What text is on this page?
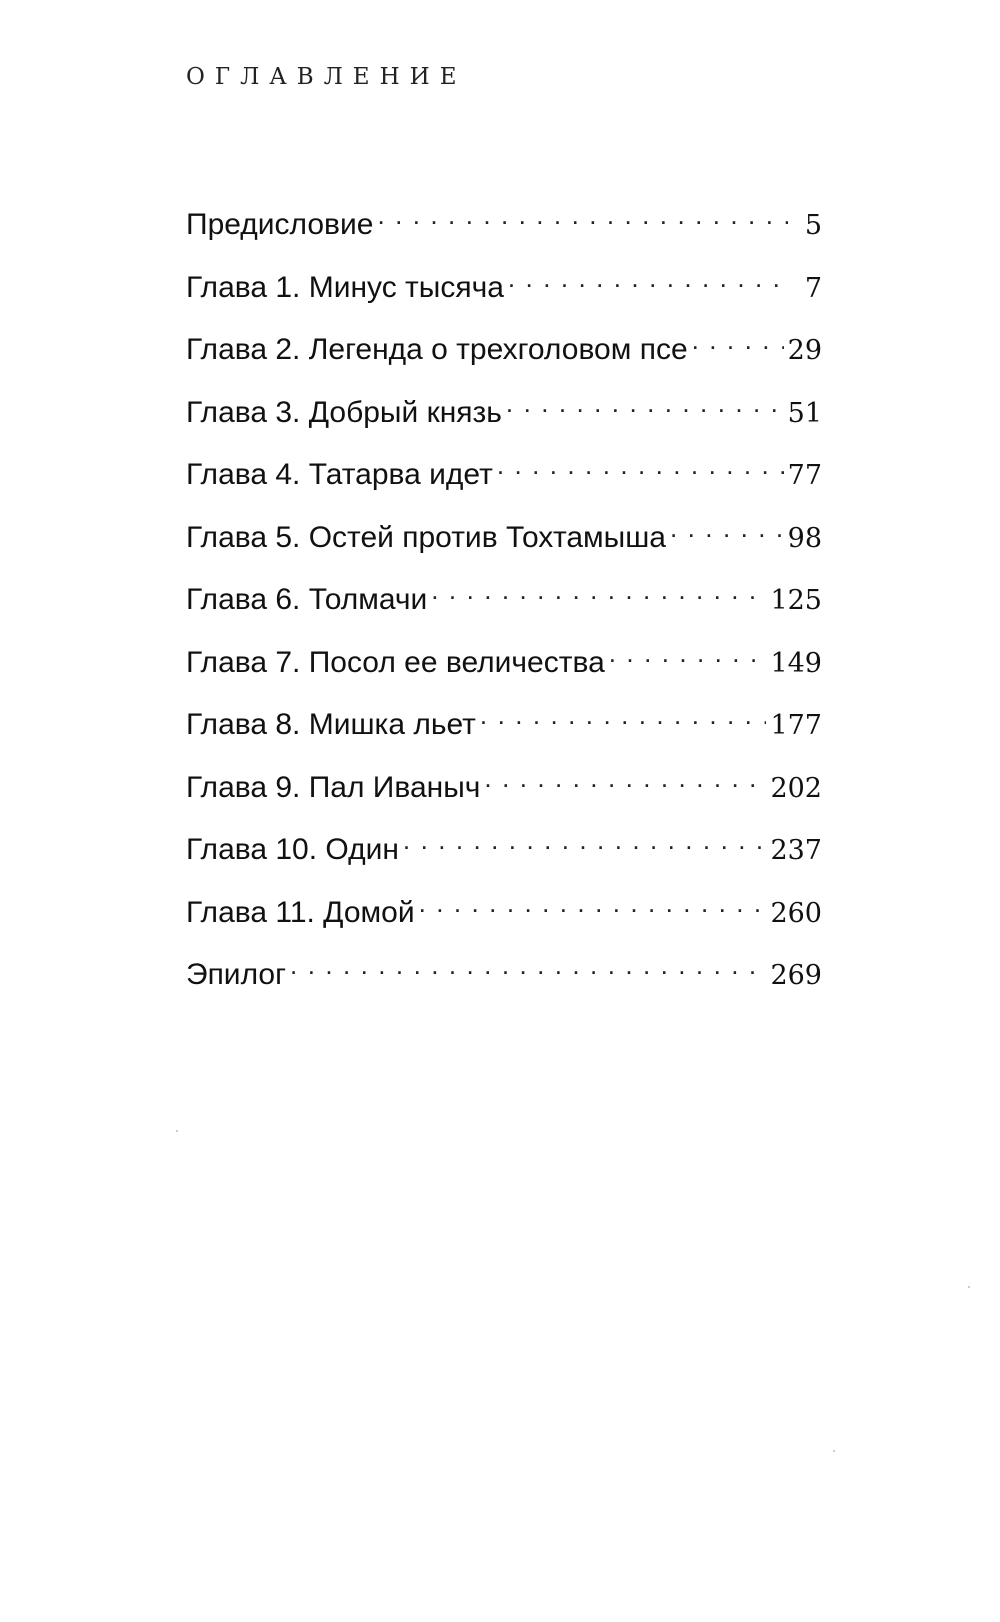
ОГЛАВЛЕНИЕ
Предисловие . . .	5
Глава 1. Минус тысяча . . .	7
Глава 2. Легенда о трехголовом псе . . .	29
Глава 3. Добрый князь . . .	51
Глава 4. Татарва идет . . .	77
Глава 5. Остей против Тохтамыша . . .	98
Глава 6. Толмачи . . .	125
Глава 7. Посол ее величества . . .	149
Глава 8. Мишка льет . . .	177
Глава 9. Пал Иваныч . . .	202
Глава 10. Один . . .	237
Глава 11. Домой . . .	260
Эпилог . . .	269
